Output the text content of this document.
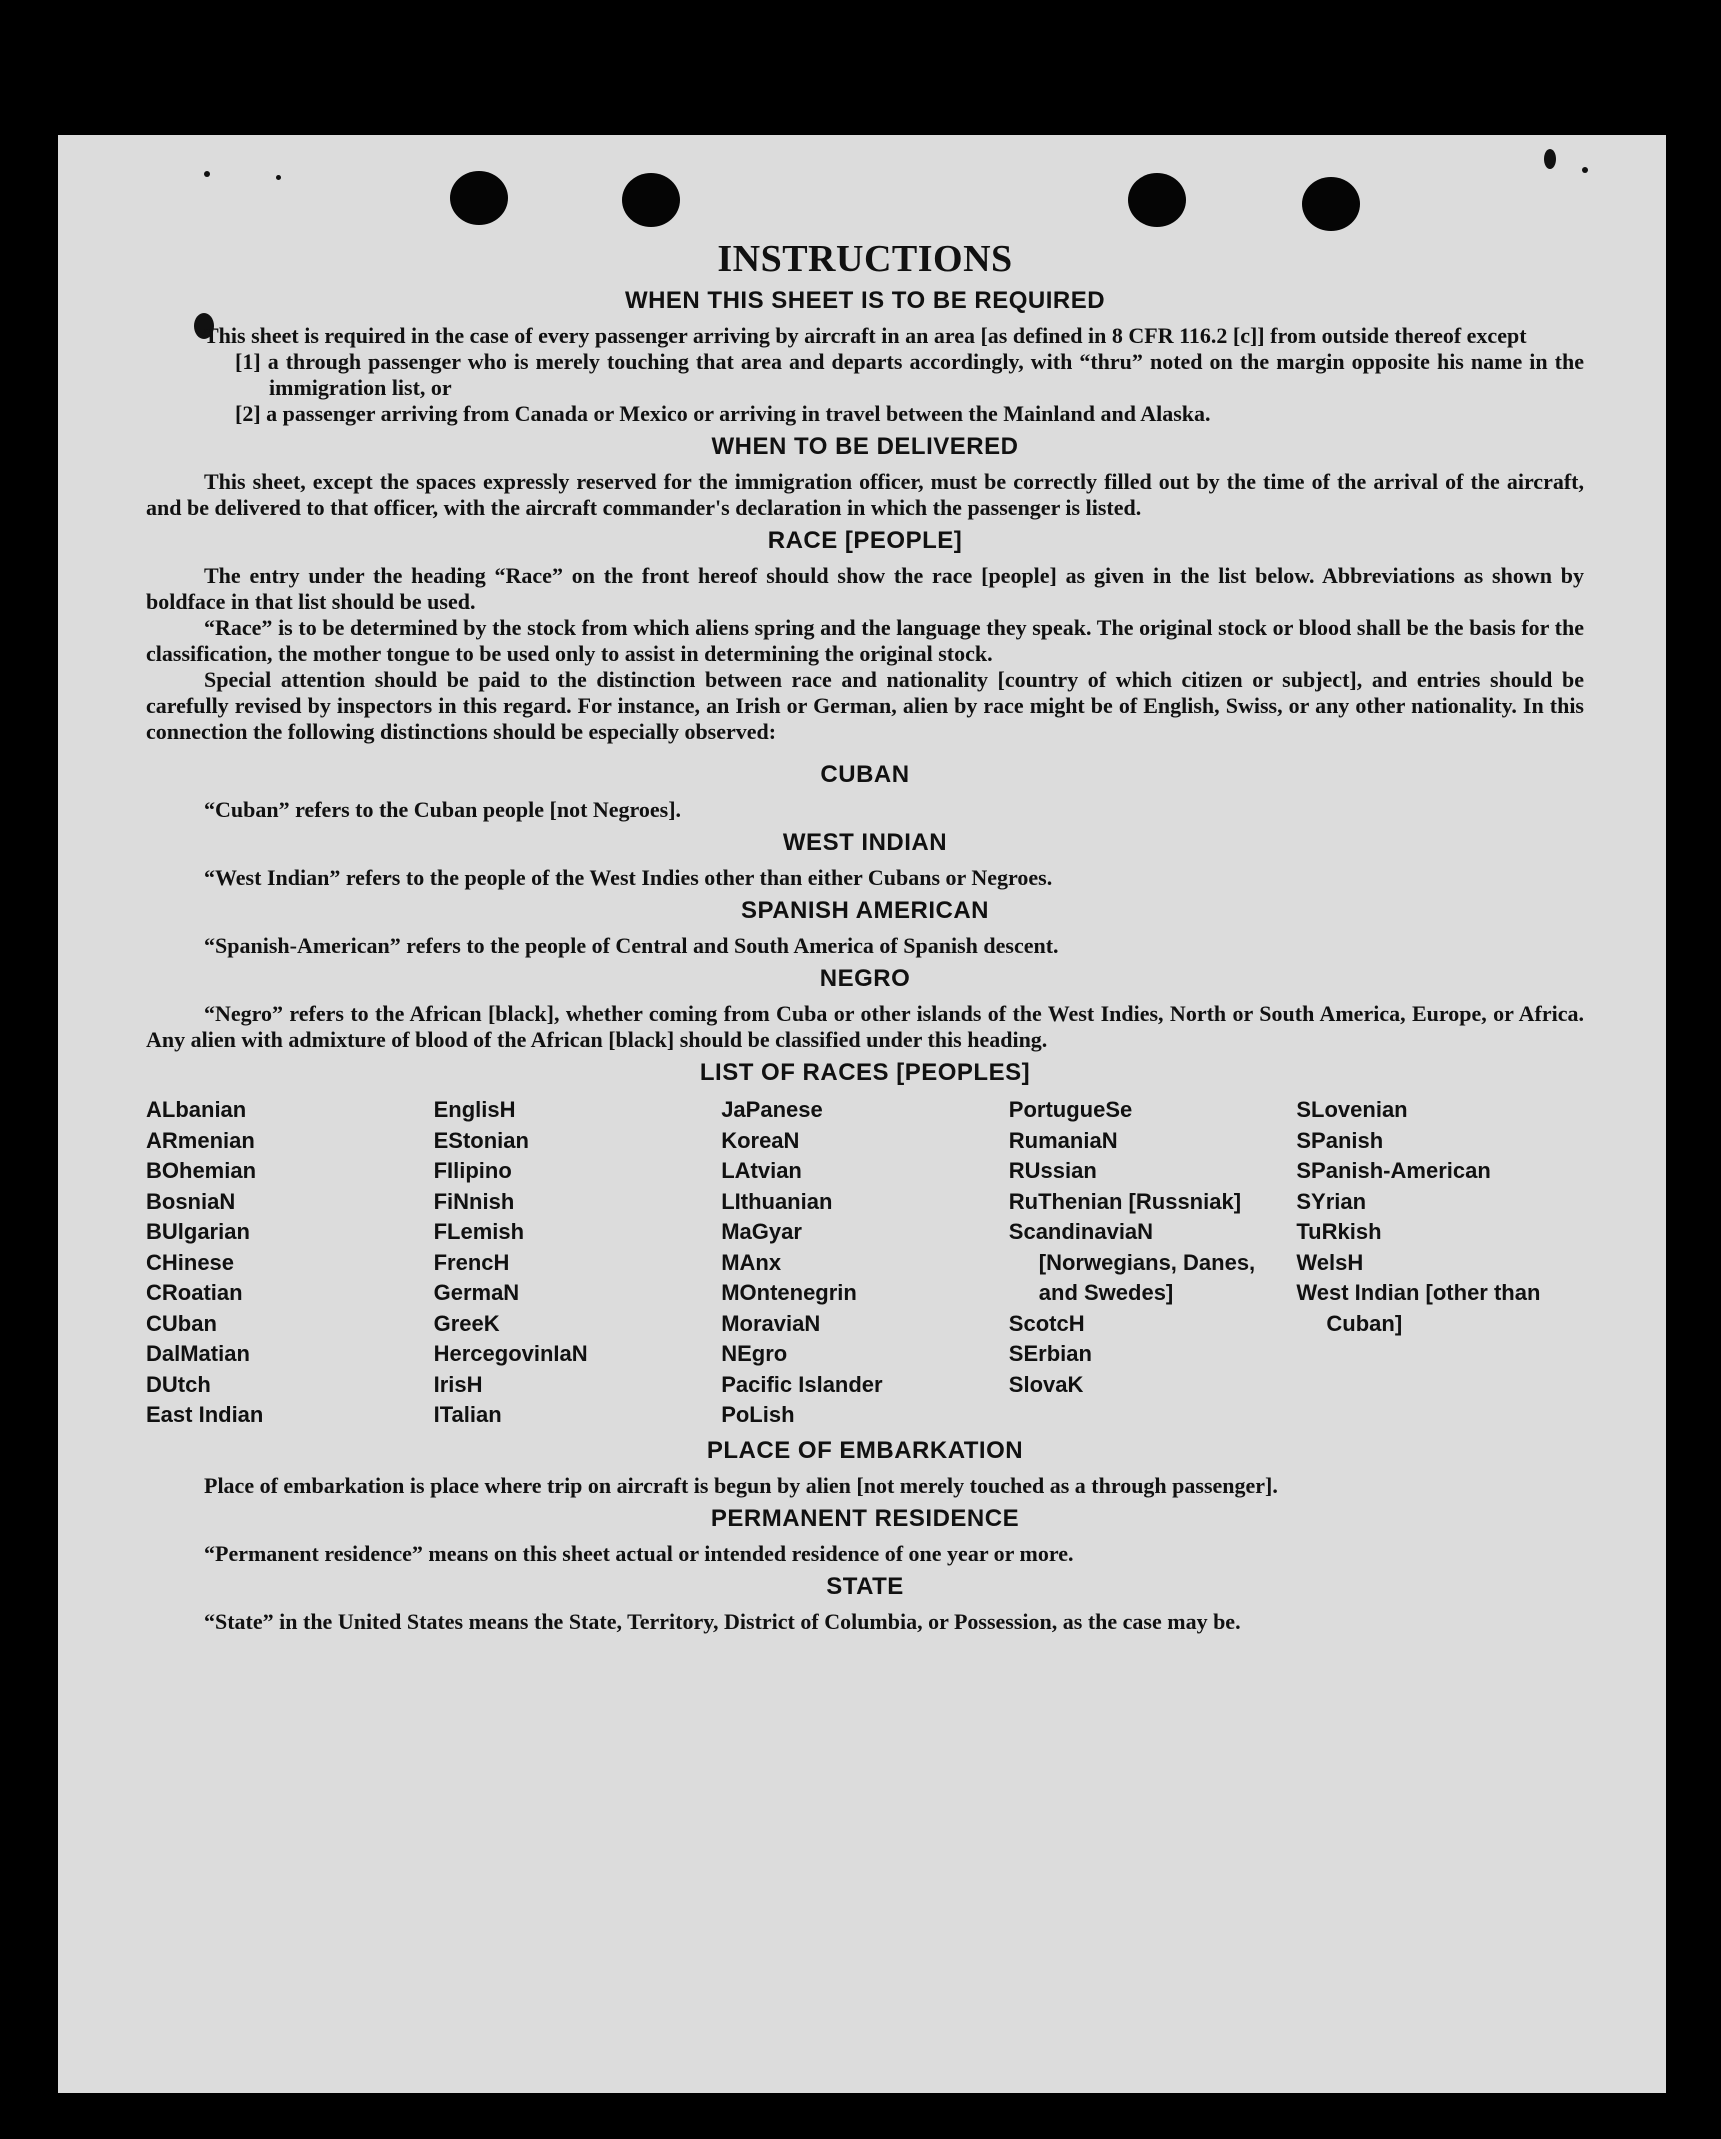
INSTRUCTIONS
WHEN THIS SHEET IS TO BE REQUIRED

This sheet is required in the case of every passenger arriving by aircraft in an area [as defined in 8 CFR 116.2 [c]] from outside thereof except

[1] a through passenger who is merely touching that area and departs accordingly, with “thru” noted on the margin opposite his name in the immigration list, or

[2] a passenger arriving from Canada or Mexico or arriving in travel between the Mainland and Alaska.

WHEN TO BE DELIVERED

This sheet, except the spaces expressly reserved for the immigration officer, must be correctly filled out by the time of the arrival of the aircraft, and be delivered to that officer, with the aircraft commander's declaration in which the passenger is listed.

RACE [PEOPLE]

The entry under the heading “Race” on the front hereof should show the race [people] as given in the list below. Abbreviations as shown by boldface in that list should be used.

“Race” is to be determined by the stock from which aliens spring and the language they speak. The original stock or blood shall be the basis for the classification, the mother tongue to be used only to assist in determining the original stock.

Special attention should be paid to the distinction between race and nationality [country of which citizen or subject], and entries should be carefully revised by inspectors in this regard. For instance, an Irish or German, alien by race might be of English, Swiss, or any other nationality. In this connection the following distinctions should be especially observed:

CUBAN

“Cuban” refers to the Cuban people [not Negroes].

WEST INDIAN

“West Indian” refers to the people of the West Indies other than either Cubans or Negroes.

SPANISH AMERICAN

“Spanish-American” refers to the people of Central and South America of Spanish descent.

NEGRO

“Negro” refers to the African [black], whether coming from Cuba or other islands of the West Indies, North or South America, Europe, or Africa. Any alien with admixture of blood of the African [black] should be classified under this heading.

LIST OF RACES [PEOPLES]
ALbanian
ARmenian
BOhemian
BosniaN
BUlgarian
CHinese
CRoatian
CUban
DalMatian
DUtch
East Indian
EnglisH
EStonian
FIlipino
FiNnish
FLemish
FrencH
GermaN
GreeK
HercegovinIaN
IrisH
ITalian
JaPanese
KoreaN
LAtvian
LIthuanian
MaGyar
MAnx
MOntenegrin
MoraviaN
NEgro
Pacific Islander
PoLish
PortugueSe
RumaniaN
RUssian
RuThenian [Russniak]
ScandinaviaN [Norwegians, Danes, and Swedes]
ScotcH
SErbian
SlovaK
SLovenian
SPanish
SPanish-American
SYrian
TuRkish
WelsH
West Indian [other than Cuban]
PLACE OF EMBARKATION

Place of embarkation is place where trip on aircraft is begun by alien [not merely touched as a through passenger].

PERMANENT RESIDENCE

“Permanent residence” means on this sheet actual or intended residence of one year or more.

STATE

“State” in the United States means the State, Territory, District of Columbia, or Possession, as the case may be.
